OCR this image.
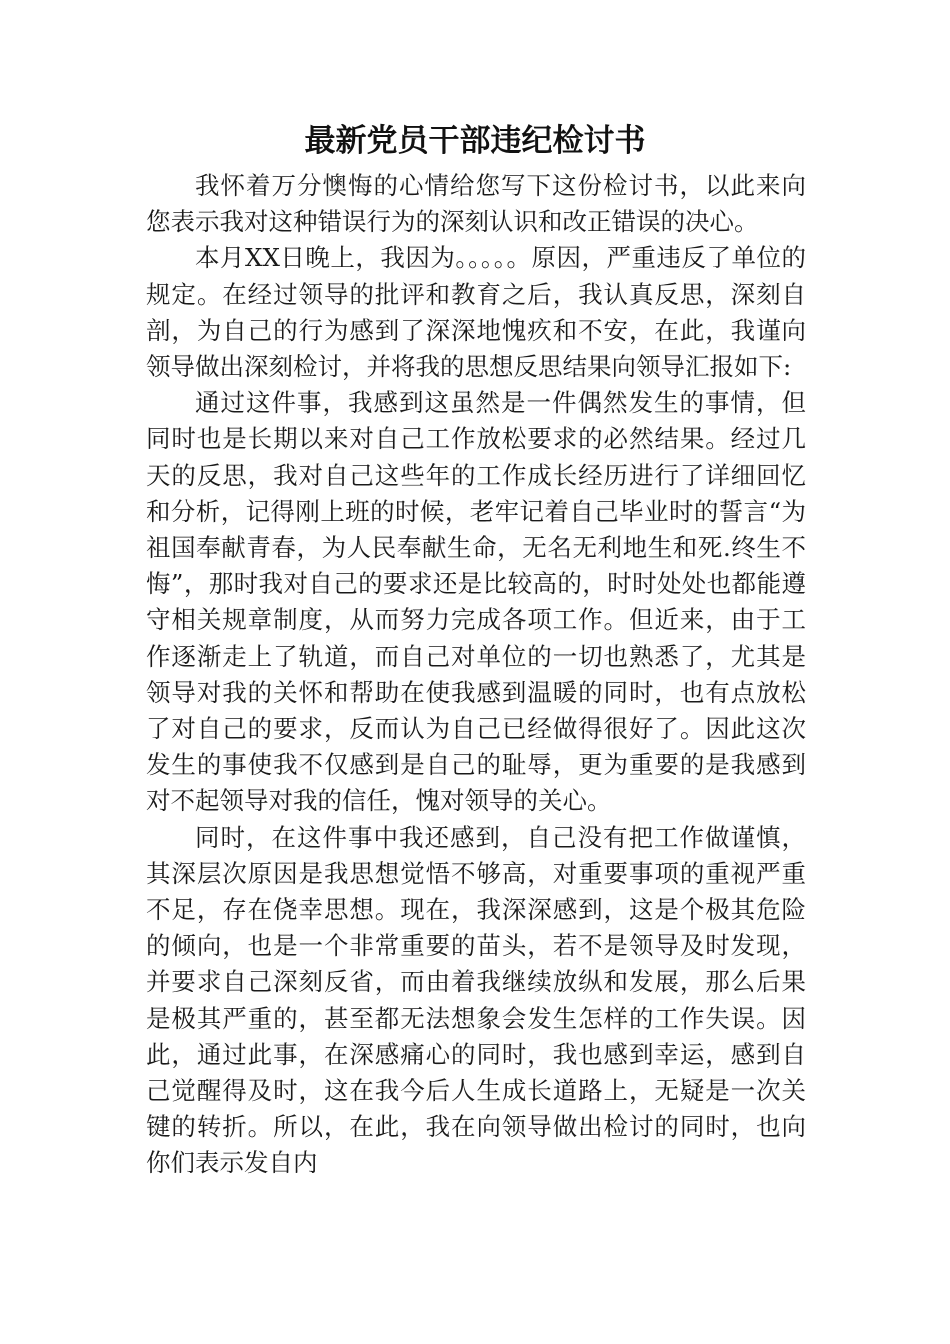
最新党员干部违纪检讨书

我怀着万分懊悔的心情给您写下这份检讨书，以此来向您表示我对这种错误行为的深刻认识和改正错误的决心。

本月XX日晚上，我因为。。。。。原因，严重违反了单位的规定。在经过领导的批评和教育之后，我认真反思，深刻自剖，为自己的行为感到了深深地愧疚和不安，在此，我谨向领导做出深刻检讨，并将我的思想反思结果向领导汇报如下:

通过这件事，我感到这虽然是一件偶然发生的事情，但同时也是长期以来对自己工作放松要求的必然结果。经过几天的反思，我对自己这些年的工作成长经历进行了详细回忆和分析，记得刚上班的时候，老牢记着自己毕业时的誓言“为祖国奉献青春，为人民奉献生命，无名无利地生和死.终生不悔”，那时我对自己的要求还是比较高的，时时处处也都能遵守相关规章制度，从而努力完成各项工作。但近来，由于工作逐渐走上了轨道，而自己对单位的一切也熟悉了，尤其是领导对我的关怀和帮助在使我感到温暖的同时，也有点放松了对自己的要求，反而认为自己已经做得很好了。因此这次发生的事使我不仅感到是自己的耻辱，更为重要的是我感到对不起领导对我的信任，愧对领导的关心。

同时，在这件事中我还感到，自己没有把工作做谨慎，其深层次原因是我思想觉悟不够高，对重要事项的重视严重不足，存在侥幸思想。现在，我深深感到，这是个极其危险的倾向，也是一个非常重要的苗头，若不是领导及时发现，并要求自己深刻反省，而由着我继续放纵和发展，那么后果是极其严重的，甚至都无法想象会发生怎样的工作失误。因此，通过此事，在深感痛心的同时，我也感到幸运，感到自己觉醒得及时，这在我今后人生成长道路上，无疑是一次关键的转折。所以，在此，我在向领导做出检讨的同时，也向你们表示发自内
